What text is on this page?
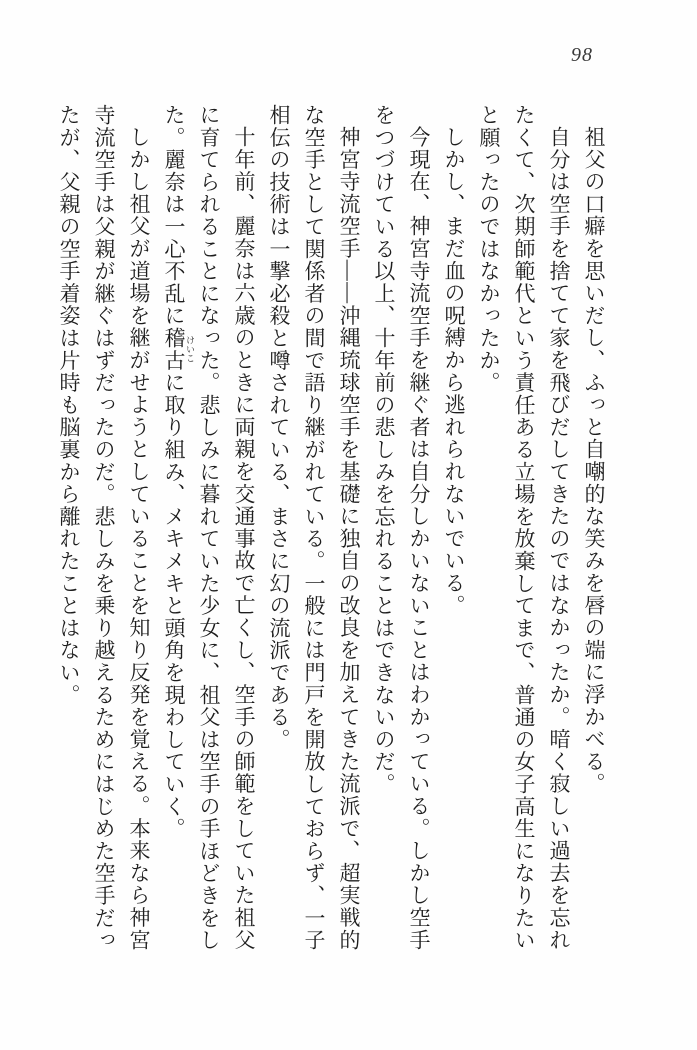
98

祖父の口癖を思いだし、ふっと自嘲的な笑みを唇の端に浮かべる。

自分は空手を捨てて家を飛びだしてきたのではなかったか。暗く寂しい過去を忘れたくて、次期師範代という責任ある立場を放棄してまで、普通の女子高生になりたいと願ったのではなかったか。

しかし、まだ血の呪縛から逃れられないでいる。

今現在、神宮寺流空手を継ぐ者は自分しかいないことはわかっている。しかし空手をつづけている以上、十年前の悲しみを忘れることはできないのだ。

神宮寺流空手――沖縄琉球空手を基礎に独自の改良を加えてきた流派で、超実戦的な空手として関係者の間で語り継がれている。一般には門戸を開放しておらず、一子相伝の技術は一撃必殺と噂されている、まさに幻の流派である。

十年前、麗奈は六歳のときに両親を交通事故で亡くし、空手の師範をしていた祖父に育てられることになった。悲しみに暮れていた少女に、祖父は空手の手ほどきをした。麗奈は一心不乱に稽古 けいこに取り組み、メキメキと頭角を現わしていく。

しかし祖父が道場を継がせようとしていることを知り反発を覚える。本来なら神宮寺流空手は父親が継ぐはずだったのだ。悲しみを乗り越えるためにはじめた空手だったが、父親の空手着姿は片時も脳裏から離れたことはない。
